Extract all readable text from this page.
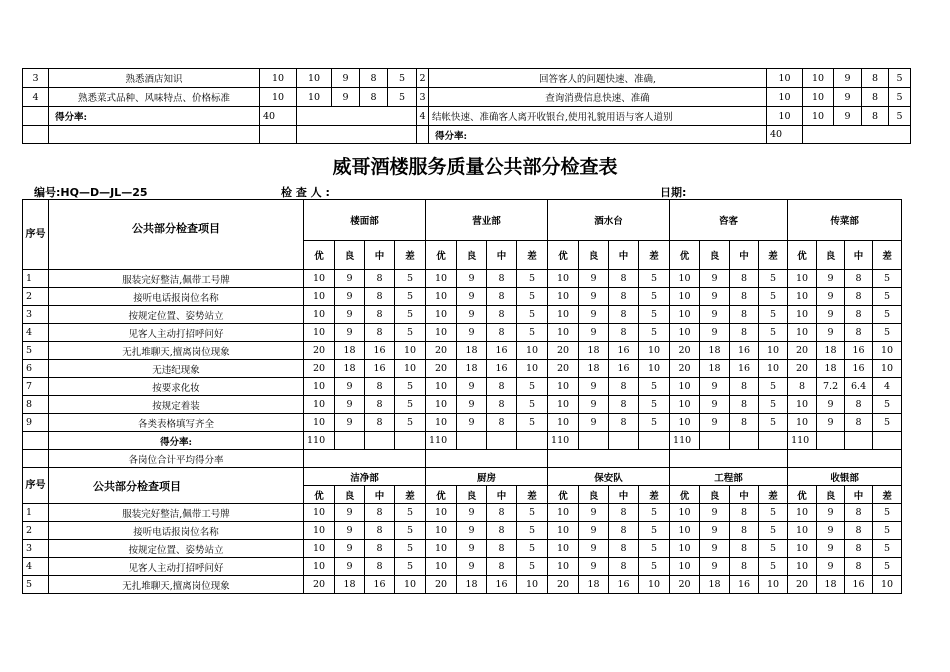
3	熟悉酒店知识	10	10	9	8	5	2	回答客人的问题快速、准确,	10	10	9	8	5
4	熟悉菜式品种、风味特点、价格标准	10	10	9	8	5	3	查询消费信息快速、准确	10	10	9	8	5
	得分率:	40					4	结帐快速、准确客人离开收银台,使用礼貌用语与客人道别	10	10	9	8	5
								得分率:	40				
威哥酒楼服务质量公共部分检查表
编号:HQ—D—JL—25	检 查 人 :	日期:
序号	公共部分检查项目	楼面部				营业部				酒水台				咨客				传菜部			
		优	良	中	差	优	良	中	差	优	良	中	差	优	良	中	差	优	良	中	差
1	服装完好整洁,佩带工号牌	10	9	8	5	10	9	8	5	10	9	8	5	10	9	8	5	10	9	8	5
2	接听电话报岗位名称	10	9	8	5	10	9	8	5	10	9	8	5	10	9	8	5	10	9	8	5
3	按规定位置、姿势站立	10	9	8	5	10	9	8	5	10	9	8	5	10	9	8	5	10	9	8	5
4	见客人主动打招呼问好	10	9	8	5	10	9	8	5	10	9	8	5	10	9	8	5	10	9	8	5
5	无扎堆聊天,擅离岗位现象	20	18	16	10	20	18	16	10	20	18	16	10	20	18	16	10	20	18	16	10
6	无违纪现象	20	18	16	10	20	18	16	10	20	18	16	10	20	18	16	10	20	18	16	10
7	按要求化妆	10	9	8	5	10	9	8	5	10	9	8	5	10	9	8	5	8	7.2	6.4	4
8	按规定着装	10	9	8	5	10	9	8	5	10	9	8	5	10	9	8	5	10	9	8	5
9	各类表格填写齐全	10	9	8	5	10	9	8	5	10	9	8	5	10	9	8	5	10	9	8	5
	得分率:	110				110				110				110				110			
	各岗位合计平均得分率																				
序号	公共部分检查项目	洁净部				厨房				保安队				工程部				收银部			
		优	良	中	差	优	良	中	差	优	良	中	差	优	良	中	差	优	良	中	差
1	服装完好整洁,佩带工号牌	10	9	8	5	10	9	8	5	10	9	8	5	10	9	8	5	10	9	8	5
2	接听电话报岗位名称	10	9	8	5	10	9	8	5	10	9	8	5	10	9	8	5	10	9	8	5
3	按规定位置、姿势站立	10	9	8	5	10	9	8	5	10	9	8	5	10	9	8	5	10	9	8	5
4	见客人主动打招呼问好	10	9	8	5	10	9	8	5	10	9	8	5	10	9	8	5	10	9	8	5
5	无扎堆聊天,擅离岗位现象	20	18	16	10	20	18	16	10	20	18	16	10	20	18	16	10	20	18	16	10
